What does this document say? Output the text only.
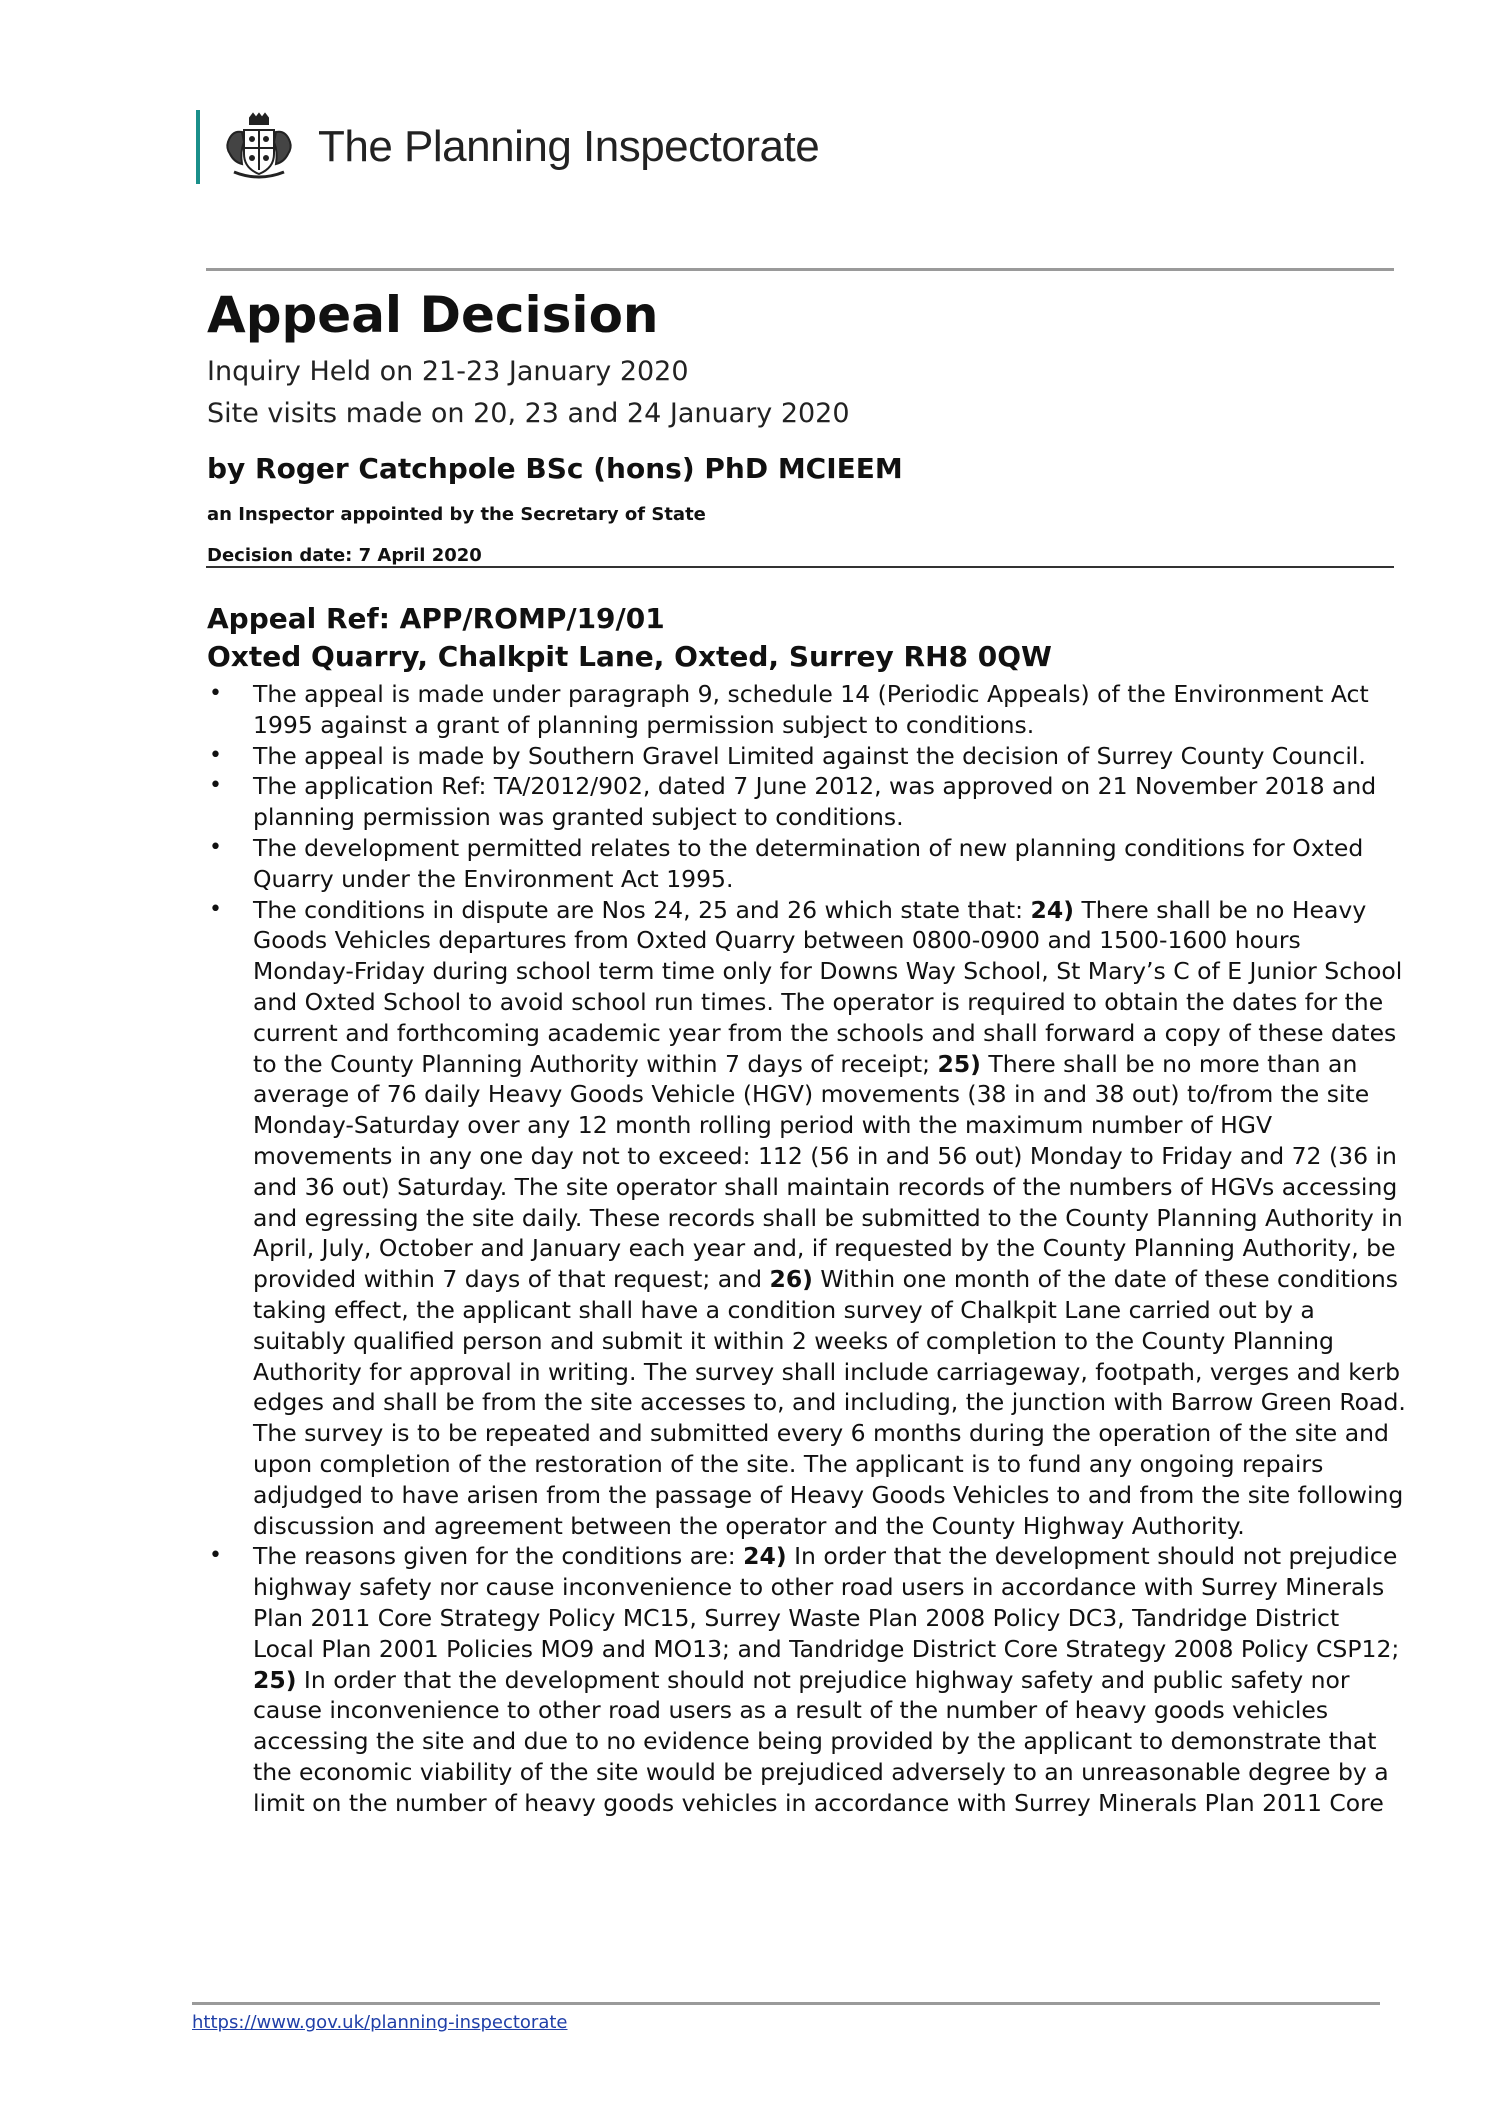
The Planning Inspectorate
Appeal Decision
Inquiry Held on 21-23 January 2020
Site visits made on 20, 23 and 24 January 2020
by Roger Catchpole BSc (hons) PhD MCIEEM
an Inspector appointed by the Secretary of State
Decision date: 7 April 2020
Appeal Ref: APP/ROMP/19/01
Oxted Quarry, Chalkpit Lane, Oxted, Surrey RH8 0QW
• The appeal is made under paragraph 9, schedule 14 (Periodic Appeals) of the Environment Act 1995 against a grant of planning permission subject to conditions.
• The appeal is made by Southern Gravel Limited against the decision of Surrey County Council.
• The application Ref: TA/2012/902, dated 7 June 2012, was approved on 21 November 2018 and planning permission was granted subject to conditions.
• The development permitted relates to the determination of new planning conditions for Oxted Quarry under the Environment Act 1995.
• The conditions in dispute are Nos 24, 25 and 26 which state that: 24) There shall be no Heavy Goods Vehicles departures from Oxted Quarry between 0800-0900 and 1500-1600 hours Monday-Friday during school term time only for Downs Way School, St Mary’s C of E Junior School and Oxted School to avoid school run times. The operator is required to obtain the dates for the current and forthcoming academic year from the schools and shall forward a copy of these dates to the County Planning Authority within 7 days of receipt; 25) There shall be no more than an average of 76 daily Heavy Goods Vehicle (HGV) movements (38 in and 38 out) to/from the site Monday-Saturday over any 12 month rolling period with the maximum number of HGV movements in any one day not to exceed: 112 (56 in and 56 out) Monday to Friday and 72 (36 in and 36 out) Saturday. The site operator shall maintain records of the numbers of HGVs accessing and egressing the site daily. These records shall be submitted to the County Planning Authority in April, July, October and January each year and, if requested by the County Planning Authority, be provided within 7 days of that request; and 26) Within one month of the date of these conditions taking effect, the applicant shall have a condition survey of Chalkpit Lane carried out by a suitably qualified person and submit it within 2 weeks of completion to the County Planning Authority for approval in writing. The survey shall include carriageway, footpath, verges and kerb edges and shall be from the site accesses to, and including, the junction with Barrow Green Road. The survey is to be repeated and submitted every 6 months during the operation of the site and upon completion of the restoration of the site. The applicant is to fund any ongoing repairs adjudged to have arisen from the passage of Heavy Goods Vehicles to and from the site following discussion and agreement between the operator and the County Highway Authority.
• The reasons given for the conditions are: 24) In order that the development should not prejudice highway safety nor cause inconvenience to other road users in accordance with Surrey Minerals Plan 2011 Core Strategy Policy MC15, Surrey Waste Plan 2008 Policy DC3, Tandridge District Local Plan 2001 Policies MO9 and MO13; and Tandridge District Core Strategy 2008 Policy CSP12; 25) In order that the development should not prejudice highway safety and public safety nor cause inconvenience to other road users as a result of the number of heavy goods vehicles accessing the site and due to no evidence being provided by the applicant to demonstrate that the economic viability of the site would be prejudiced adversely to an unreasonable degree by a limit on the number of heavy goods vehicles in accordance with Surrey Minerals Plan 2011 Core
https://www.gov.uk/planning-inspectorate
